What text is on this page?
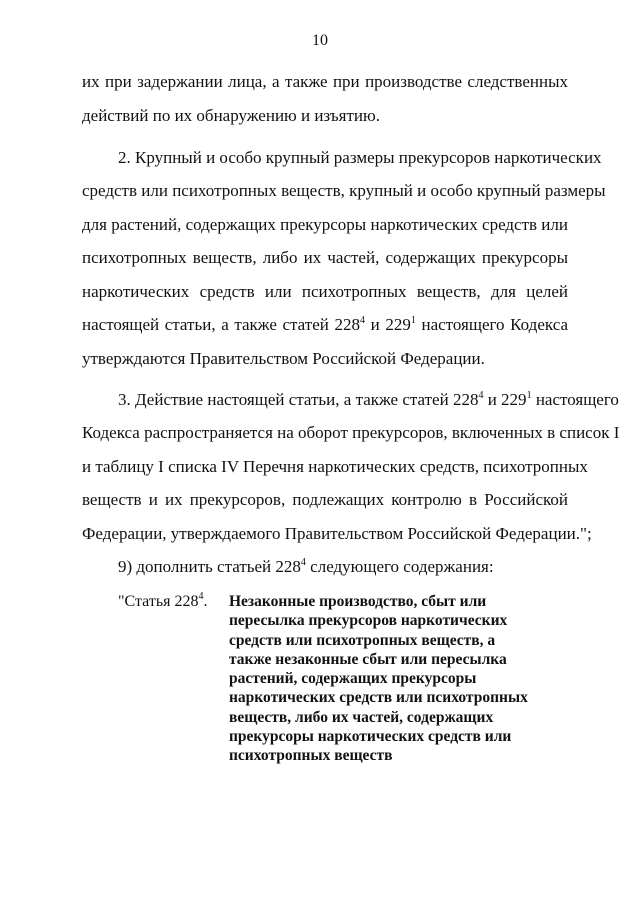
10
их при задержании лица, а также при производстве следственных
действий по их обнаружению и изъятию.
2. Крупный и особо крупный размеры прекурсоров наркотических
средств или психотропных веществ, крупный и особо крупный размеры
для растений, содержащих прекурсоры наркотических средств или
психотропных веществ, либо их частей, содержащих прекурсоры
наркотических средств или психотропных веществ, для целей
настоящей статьи, а также статей $228^4$ и $229^1$ настоящего Кодекса
утверждаются Правительством Российской Федерации.
3. Действие настоящей статьи, а также статей $228^4$ и $229^1$ настоящего
Кодекса распространяется на оборот прекурсоров, включенных в список I
и таблицу I списка IV Перечня наркотических средств, психотропных
веществ и их прекурсоров, подлежащих контролю в Российской
Федерации, утверждаемого Правительством Российской Федерации.";
9) дополнить статьей $228^4$ следующего содержания:
"Статья $228^4$. Незаконные производство, сбыт или
пересылка прекурсоров наркотических
средств или психотропных веществ, а
также незаконные сбыт или пересылка
растений, содержащих прекурсоры
наркотических средств или психотропных
веществ, либо их частей, содержащих
прекурсоры наркотических средств или
психотропных веществ
